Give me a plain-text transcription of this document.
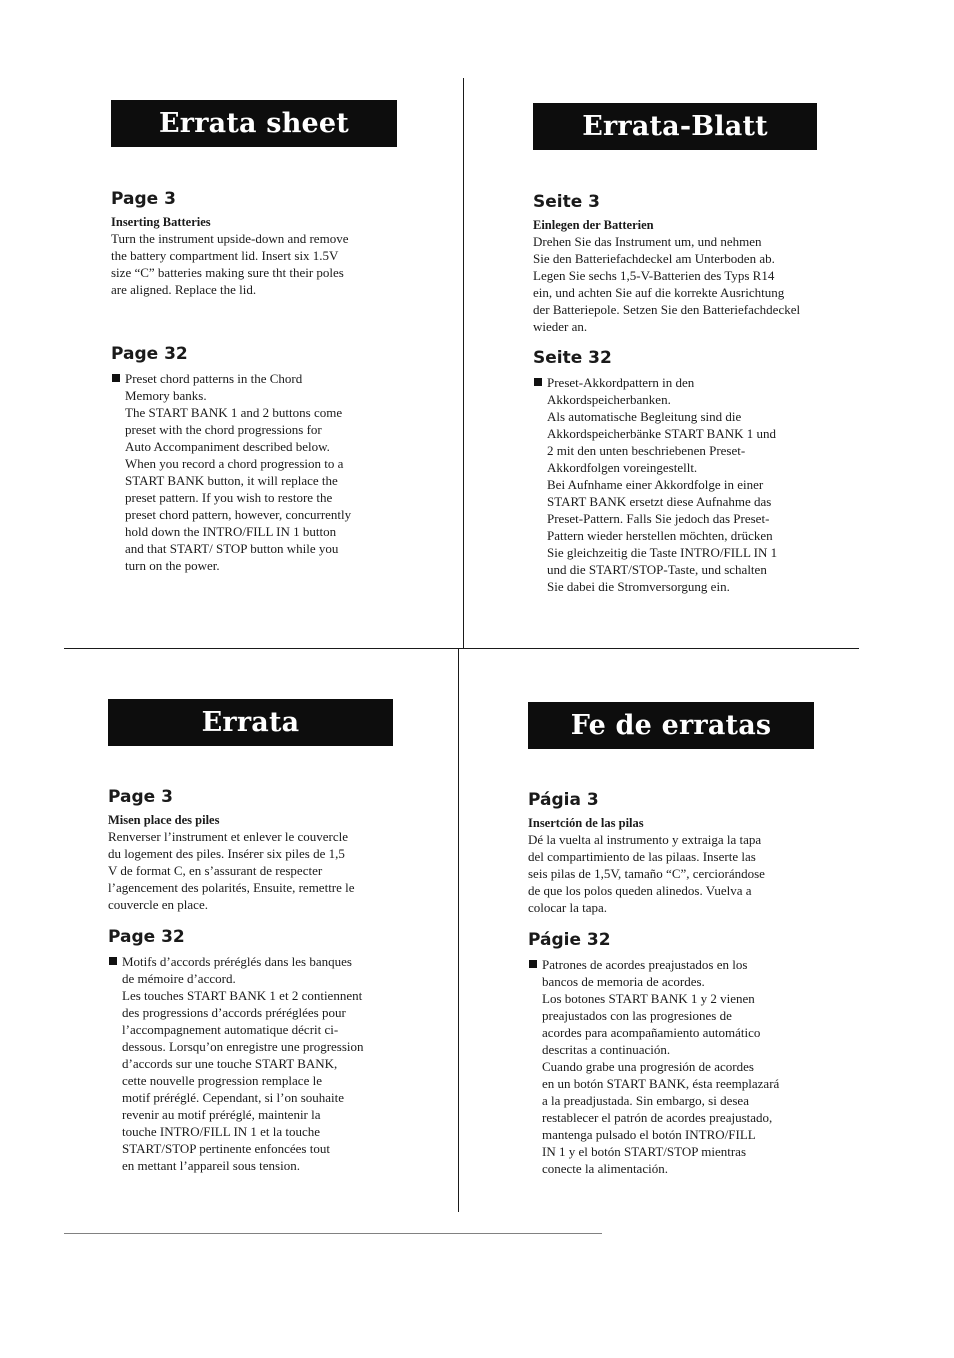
Errata sheet
Page 3
Inserting Batteries
Turn the instrument upside-down and remove
the battery compartment lid. Insert six 1.5V
size “C” batteries making sure tht their poles
are aligned. Replace the lid.
Page 32

Preset chord patterns in the Chord

Memory banks.

The START BANK 1 and 2 buttons come

preset with the chord progressions for

Auto Accompaniment described below.

When you record a chord progression to a

START BANK button, it will replace the

preset pattern. If you wish to restore the

preset chord pattern, however, concurrently

hold down the INTRO/FILL IN 1 button

and that START/ STOP button while you

turn on the power.

Errata-Blatt
Seite 3
Einlegen der Batterien
Drehen Sie das Instrument um, und nehmen
Sie den Batteriefachdeckel am Unterboden ab.
Legen Sie sechs 1,5-V-Batterien des Typs R14
ein, und achten Sie auf die korrekte Ausrichtung
der Batteriepole. Setzen Sie den Batteriefachdeckel
wieder an.
Seite 32

Preset-Akkordpattern in den

Akkordspeicherbanken.

Als automatische Begleitung sind die

Akkordspeicherbänke START BANK 1 und

2 mit den unten beschriebenen Preset-

Akkordfolgen voreingestellt.

Bei Aufnhame einer Akkordfolge in einer

START BANK ersetzt diese Aufnahme das

Preset-Pattern. Falls Sie jedoch das Preset-

Pattern wieder herstellen möchten, drücken

Sie gleichzeitig die Taste INTRO/FILL IN 1

und die START/STOP-Taste, und schalten

Sie dabei die Stromversorgung ein.

Errata
Page 3
Misen place des piles
Renverser l’instrument et enlever le couvercle
du logement des piles. Insérer six piles de 1,5
V de format C, en s’assurant de respecter
l’agencement des polarités, Ensuite, remettre le
couvercle en place.
Page 32

Motifs d’accords préréglés dans les banques

de mémoire d’accord.

Les touches START BANK 1 et 2 contiennent

des progressions d’accords préréglées pour

l’accompagnement automatique décrit ci-

dessous. Lorsqu’on enregistre une progression

d’accords sur une touche START BANK,

cette nouvelle progression remplace le

motif préréglé. Cependant, si l’on souhaite

revenir au motif préréglé, maintenir la

touche INTRO/FILL IN 1 et la touche

START/STOP pertinente enfoncées tout

en mettant l’appareil sous tension.

Fe de erratas
Págia 3
Insertción de las pilas
Dé la vuelta al instrumento y extraiga la tapa
del compartimiento de las pilaas. Inserte las
seis pilas de 1,5V, tamaño “C”, cerciorándose
de que los polos queden alinedos. Vuelva a
colocar la tapa.
Págie 32

Patrones de acordes preajustados en los

bancos de memoria de acordes.

Los botones START BANK 1 y 2 vienen

preajustados con las progresiones de

acordes para acompañamiento automático

descritas a continuación.

Cuando grabe una progresión de acordes

en un botón START BANK, ésta reemplazará

a la preadjustada. Sin embargo, si desea

restablecer el patrón de acordes preajustado,

mantenga pulsado el botón INTRO/FILL

IN 1 y el botón START/STOP mientras

conecte la alimentación.
